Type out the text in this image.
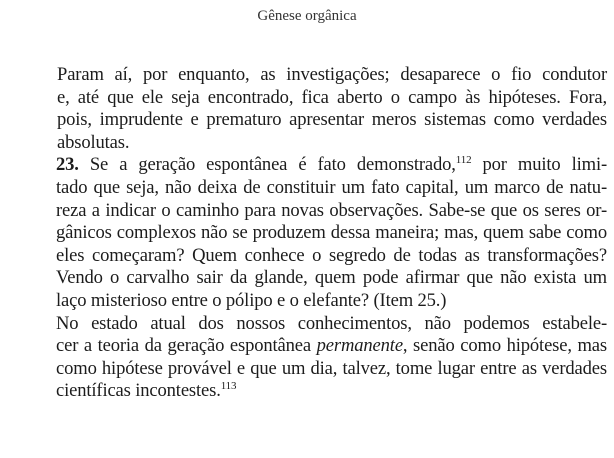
Gênese orgânica

Param aí, por enquanto, as investigações; desaparece o fio condutor
e, até que ele seja encontrado, fica aberto o campo às hipóteses. Fora,
pois, imprudente e prematuro apresentar meros sistemas como verdades
absolutas.

23. Se a geração espontânea é fato demonstrado,$^{112}$ por muito limi-
tado que seja, não deixa de constituir um fato capital, um marco de natu-
reza a indicar o caminho para novas observações. Sabe-se que os seres or-
gânicos complexos não se produzem dessa maneira; mas, quem sabe como
eles começaram? Quem conhece o segredo de todas as transformações?
Vendo o carvalho sair da glande, quem pode afirmar que não exista um
laço misterioso entre o pólipo e o elefante? (Item 25.)

No estado atual dos nossos conhecimentos, não podemos estabele-
cer a teoria da geração espontânea permanente, senão como hipótese, mas
como hipótese provável e que um dia, talvez, tome lugar entre as verdades
científicas incontestes.$^{113}$
